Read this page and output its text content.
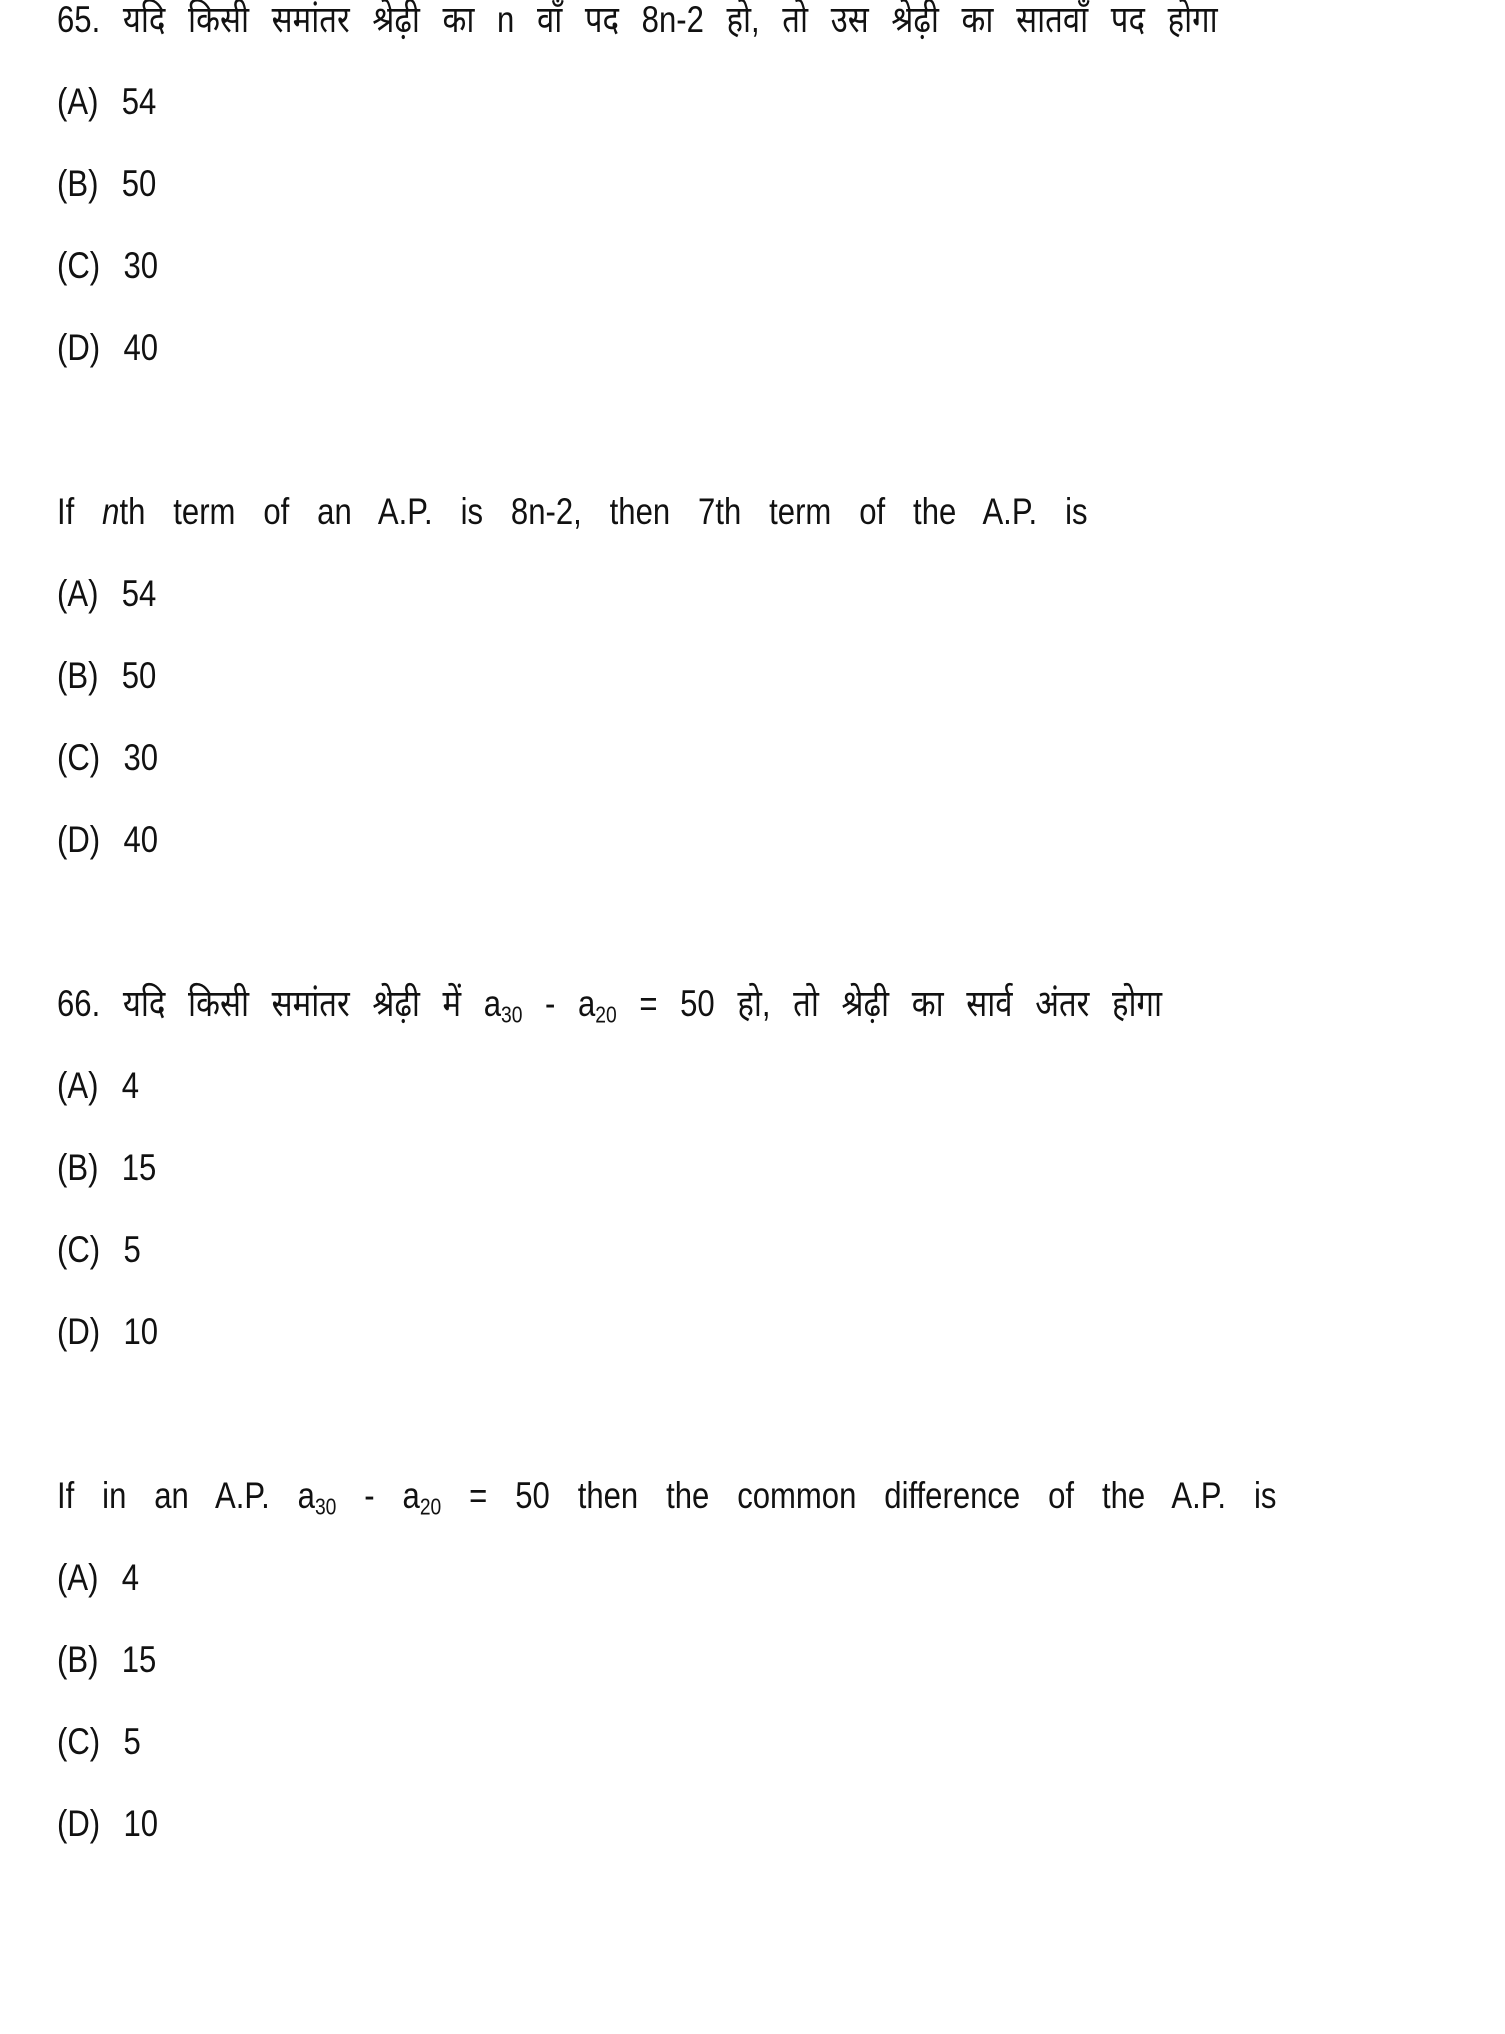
65. यदि किसी समांतर श्रेढ़ी का n वाँ पद 8n-2 हो, तो उस श्रेढ़ी का सातवाँ पद होगा
(A) 54
(B) 50
(C) 30
(D) 40
If nth term of an A.P. is 8n-2, then 7th term of the A.P. is
(A) 54
(B) 50
(C) 30
(D) 40
66. यदि किसी समांतर श्रेढ़ी में $a_{30} - a_{20} = 50$ हो, तो श्रेढ़ी का सार्व अंतर होगा
(A) 4
(B) 15
(C) 5
(D) 10
If in an A.P. $a_{30} - a_{20} = 50$ then the common difference of the A.P. is
(A) 4
(B) 15
(C) 5
(D) 10
